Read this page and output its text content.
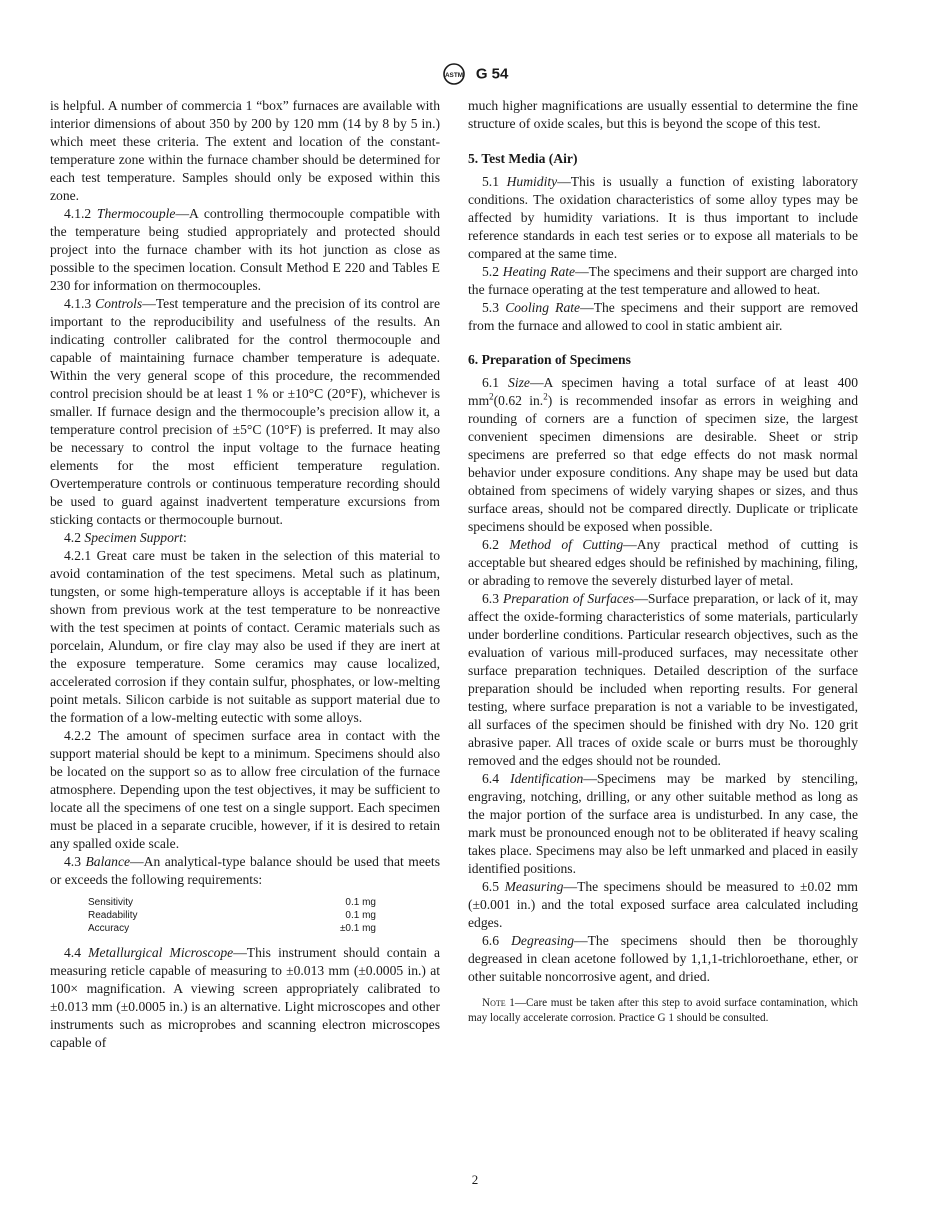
ASTM G 54

is helpful. A number of commercia 1 “box” furnaces are available with interior dimensions of about 350 by 200 by 120 mm (14 by 8 by 5 in.) which meet these criteria. The extent and location of the constant-temperature zone within the furnace chamber should be determined for each test temperature. Samples should only be exposed within this zone.

4.1.2 Thermocouple—A controlling thermocouple compatible with the temperature being studied appropriately and protected should project into the furnace chamber with its hot junction as close as possible to the specimen location. Consult Method E 220 and Tables E 230 for information on thermocouples.

4.1.3 Controls—Test temperature and the precision of its control are important to the reproducibility and usefulness of the results. An indicating controller calibrated for the control thermocouple and capable of maintaining furnace chamber temperature is adequate. Within the very general scope of this procedure, the recommended control precision should be at least 1 % or ±10°C (20°F), whichever is smaller. If furnace design and the thermocouple’s precision allow it, a temperature control precision of ±5°C (10°F) is preferred. It may also be necessary to control the input voltage to the furnace heating elements for the most efficient temperature regulation. Overtemperature controls or continuous temperature recording should be used to guard against inadvertent temperature excursions from sticking contacts or thermocouple burnout.

4.2 Specimen Support:

4.2.1 Great care must be taken in the selection of this material to avoid contamination of the test specimens. Metal such as platinum, tungsten, or some high-temperature alloys is acceptable if it has been shown from previous work at the test temperature to be nonreactive with the test specimen at points of contact. Ceramic materials such as porcelain, Alundum, or fire clay may also be used if they are inert at the exposure temperature. Some ceramics may cause localized, accelerated corrosion if they contain sulfur, phosphates, or low-melting point metals. Silicon carbide is not suitable as support material due to the formation of a low-melting eutectic with some alloys.

4.2.2 The amount of specimen surface area in contact with the support material should be kept to a minimum. Specimens should also be located on the support so as to allow free circulation of the furnace atmosphere. Depending upon the test objectives, it may be sufficient to locate all the specimens of one test on a single support. Each specimen must be placed in a separate crucible, however, if it is desired to retain any spalled oxide scale.

4.3 Balance—An analytical-type balance should be used that meets or exceeds the following requirements:

Sensitivity	0.1 mg
Readability	0.1 mg
Accuracy	±0.1 mg

4.4 Metallurgical Microscope—This instrument should contain a measuring reticle capable of measuring to ±0.013 mm (±0.0005 in.) at 100× magnification. A viewing screen appropriately calibrated to ±0.013 mm (±0.0005 in.) is an alternative. Light microscopes and other instruments such as microprobes and scanning electron microscopes capable of

much higher magnifications are usually essential to determine the fine structure of oxide scales, but this is beyond the scope of this test.

5. Test Media (Air)

5.1 Humidity—This is usually a function of existing laboratory conditions. The oxidation characteristics of some alloy types may be affected by humidity variations. It is thus important to include reference standards in each test series or to expose all materials to be compared at the same time.

5.2 Heating Rate—The specimens and their support are charged into the furnace operating at the test temperature and allowed to heat.

5.3 Cooling Rate—The specimens and their support are removed from the furnace and allowed to cool in static ambient air.

6. Preparation of Specimens

6.1 Size—A specimen having a total surface of at least 400 $mm^2(0.62$ in.$^2$) is recommended insofar as errors in weighing and rounding of corners are a function of specimen size, the largest convenient specimen dimensions are desirable. Sheet or strip specimens are preferred so that edge effects do not mask normal behavior under exposure conditions. Any shape may be used but data obtained from specimens of widely varying shapes or sizes, and thus surface areas, should not be compared directly. Duplicate or triplicate specimens should be exposed when possible.

6.2 Method of Cutting—Any practical method of cutting is acceptable but sheared edges should be refinished by machining, filing, or abrading to remove the severely disturbed layer of metal.

6.3 Preparation of Surfaces—Surface preparation, or lack of it, may affect the oxide-forming characteristics of some materials, particularly under borderline conditions. Particular research objectives, such as the evaluation of various mill-produced surfaces, may necessitate other surface preparation techniques. Detailed description of the surface preparation should be included when reporting results. For general testing, where surface preparation is not a variable to be investigated, all surfaces of the specimen should be finished with dry No. 120 grit abrasive paper. All traces of oxide scale or burrs must be thoroughly removed and the edges should not be rounded.

6.4 Identification—Specimens may be marked by stenciling, engraving, notching, drilling, or any other suitable method as long as the major portion of the surface area is undisturbed. In any case, the mark must be pronounced enough not to be obliterated if heavy scaling takes place. Specimens may also be left unmarked and placed in easily identified positions.

6.5 Measuring—The specimens should be measured to ±0.02 mm (±0.001 in.) and the total exposed surface area calculated including edges.

6.6 Degreasing—The specimens should then be thoroughly degreased in clean acetone followed by 1,1,1-trichloroethane, ether, or other suitable noncorrosive agent, and dried.

Note 1—Care must be taken after this step to avoid surface contamination, which may locally accelerate corrosion. Practice G 1 should be consulted.

2
